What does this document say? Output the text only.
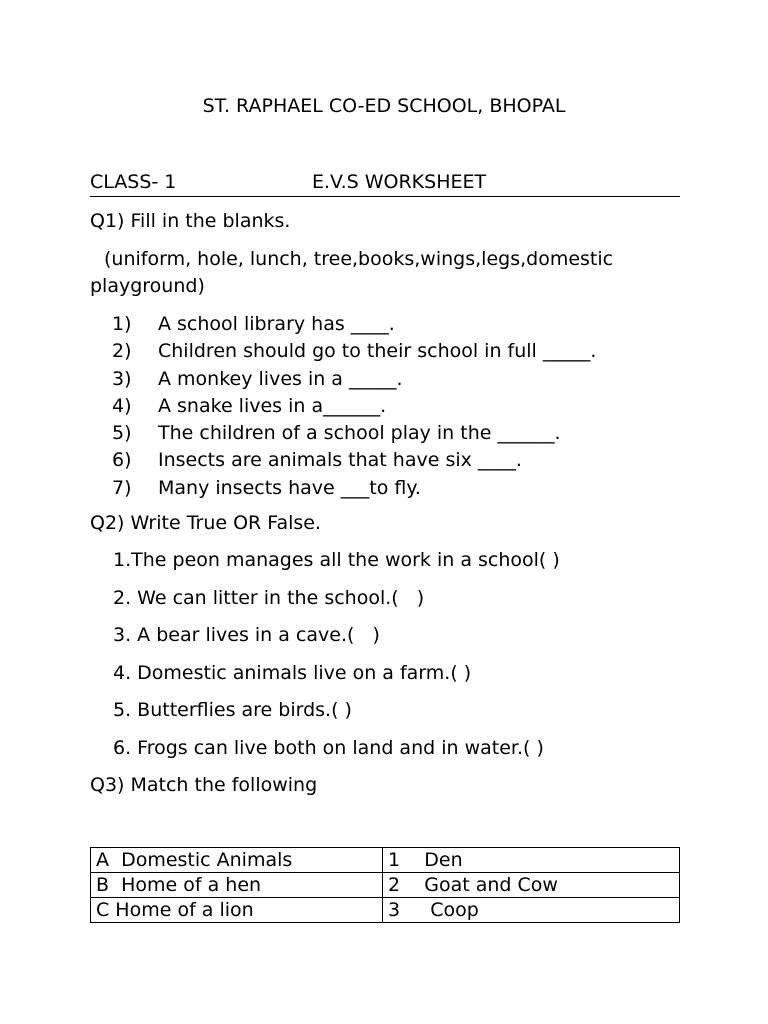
ST. RAPHAEL CO-ED SCHOOL, BHOPAL
CLASS- 1	E.V.S WORKSHEET
Q1) Fill in the blanks.
(uniform, hole, lunch, tree,books,wings,legs,domestic
playground)
1)	A school library has ____.
2)	Children should go to their school in full _____.
3)	A monkey lives in a _____.
4)	A snake lives in a______.
5)	The children of a school play in the ______.
6)	Insects are animals that have six ____.
7)	Many insects have ___to fly.
Q2) Write True OR False.
1.The peon manages all the work in a school( )
2. We can litter in the school.(   )
3. A bear lives in a cave.(   )
4. Domestic animals live on a farm.( )
5. Butterflies are birds.( )
6. Frogs can live both on land and in water.( )
Q3) Match the following
A  Domestic Animals	1    Den
B  Home of a hen	2    Goat and Cow
C Home of a lion	3     Coop
